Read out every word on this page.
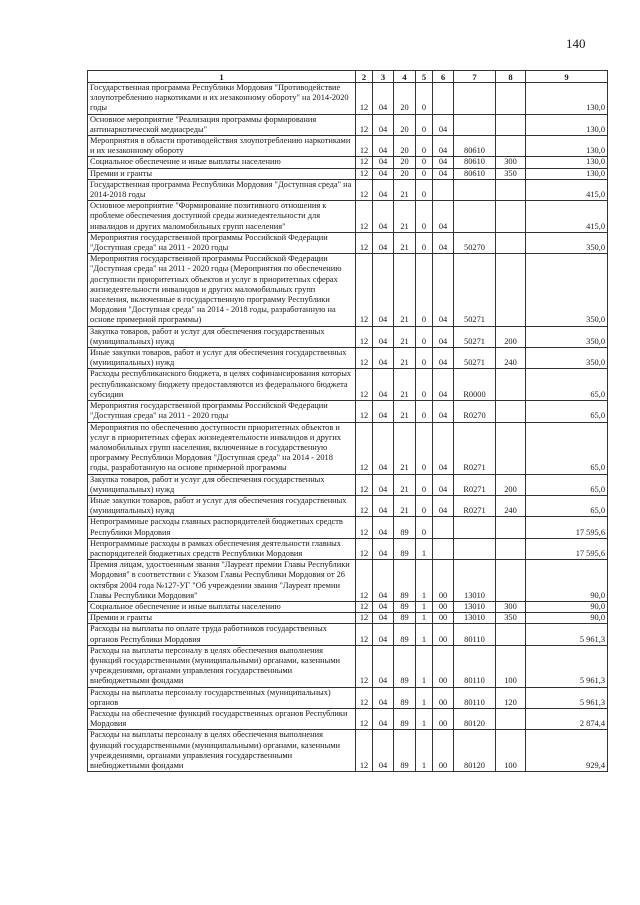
140
1	2	3	4	5	6	7	8	9
Государственная программа Республики Мордовия "Противодействие злоупотреблению наркотиками и их незаконному обороту" на 2014-2020 годы	12	04	20	0				130,0
Основное мероприятие "Реализация программы формирования антинаркотической медиасреды"	12	04	20	0	04			130,0
Мероприятия в области противодействия злоупотреблению наркотиками и их незаконному обороту	12	04	20	0	04	80610		130,0
Социальное обеспечение и иные выплаты населению	12	04	20	0	04	80610	300	130,0
Премии и гранты	12	04	20	0	04	80610	350	130,0
Государственная программа Республики Мордовия "Доступная среда" на 2014-2018 годы	12	04	21	0				415,0
Основное мероприятие "Формирование позитивного отношения к проблеме обеспечения доступной среды жизнедеятельности для инвалидов и других маломобильных групп населения"	12	04	21	0	04			415,0
Мероприятия государственной программы Российской Федерации "Доступная среда" на 2011 - 2020 годы	12	04	21	0	04	50270		350,0
Мероприятия государственной программы Российской Федерации "Доступная среда" на 2011 - 2020 годы (Мероприятия по обеспечению доступности приоритетных объектов и услуг в приоритетных сферах жизнедеятельности инвалидов и других маломобильных групп населения, включенные в государственную программу Республики Мордовия "Доступная среда" на 2014 - 2018 годы, разработанную на основе примерной программы)	12	04	21	0	04	50271		350,0
Закупка товаров, работ и услуг для обеспечения государственных (муниципальных) нужд	12	04	21	0	04	50271	200	350,0
Иные закупки товаров, работ и услуг для обеспечения государственных (муниципальных) нужд	12	04	21	0	04	50271	240	350,0
Расходы республиканского бюджета, в целях софинансирования которых республиканскому бюджету предоставляются из федерального бюджета субсидии	12	04	21	0	04	R0000		65,0
Мероприятия государственной программы Российской Федерации "Доступная среда" на 2011 - 2020 годы	12	04	21	0	04	R0270		65,0
Мероприятия по обеспечению доступности приоритетных объектов и услуг в приоритетных сферах жизнедеятельности инвалидов и других маломобильных групп населения, включенные в государственную программу Республики Мордовия "Доступная среда" на 2014 - 2018 годы, разработанную на основе примерной программы	12	04	21	0	04	R0271		65,0
Закупка товаров, работ и услуг для обеспечения государственных (муниципальных) нужд	12	04	21	0	04	R0271	200	65,0
Иные закупки товаров, работ и услуг для обеспечения государственных (муниципальных) нужд	12	04	21	0	04	R0271	240	65,0
Непрограммные расходы главных распорядителей бюджетных средств Республики Мордовия	12	04	89	0				17 595,6
Непрограммные расходы в рамках обеспечения деятельности главных распорядителей бюджетных средств Республики Мордовия	12	04	89	1				17 595,6
Премия лицам, удостоенным звания "Лауреат премии Главы Республики Мордовия" в соответствии с Указом Главы Республики Мордовия от 26 октября 2004 года №127-УГ "Об учреждении звания "Лауреат премии Главы Республики Мордовия"	12	04	89	1	00	13010		90,0
Социальное обеспечение и иные выплаты населению	12	04	89	1	00	13010	300	90,0
Премии и гранты	12	04	89	1	00	13010	350	90,0
Расходы на выплаты по оплате труда работников государственных органов Республики Мордовия	12	04	89	1	00	80110		5 961,3
Расходы на выплаты персоналу в целях обеспечения выполнения функций государственными (муниципальными) органами, казенными учреждениями, органами управления государственными внебюджетными фондами	12	04	89	1	00	80110	100	5 961,3
Расходы на выплаты персоналу государственных (муниципальных) органов	12	04	89	1	00	80110	120	5 961,3
Расходы на обеспечение функций государственных органов Республики Мордовия	12	04	89	1	00	80120		2 874,4
Расходы на выплаты персоналу в целях обеспечения выполнения функций государственными (муниципальными) органами, казенными учреждениями, органами управления государственными внебюджетными фондами	12	04	89	1	00	80120	100	929,4
